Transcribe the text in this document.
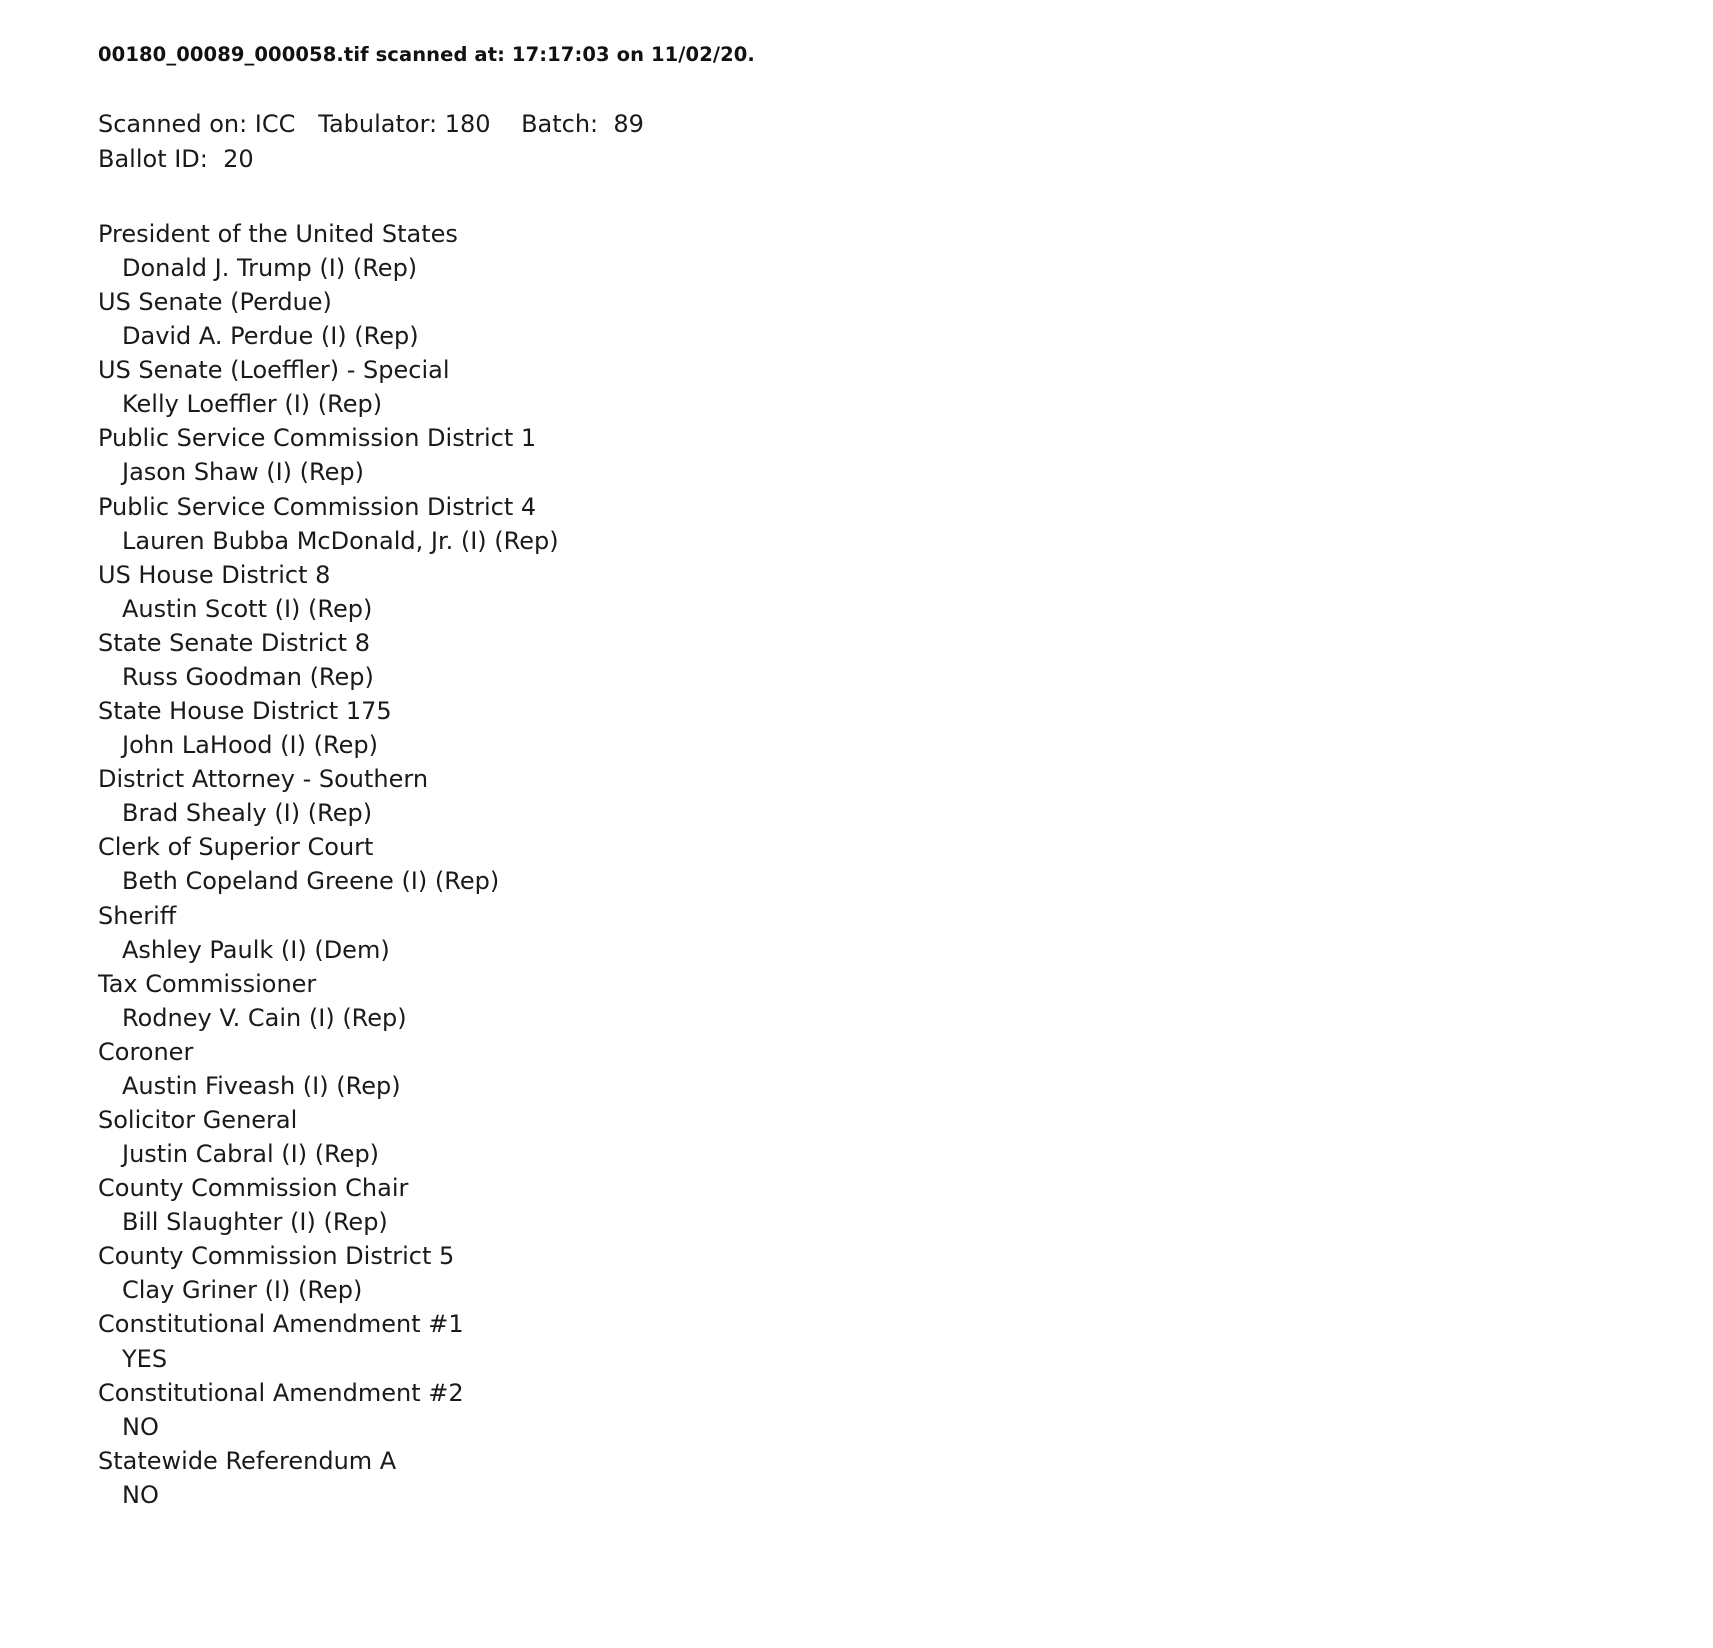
00180_00089_000058.tif scanned at: 17:17:03 on 11/02/20.
Scanned on: ICC   Tabulator: 180    Batch:  89
Ballot ID:  20
President of the United States
Donald J. Trump (I) (Rep)
US Senate (Perdue)
David A. Perdue (I) (Rep)
US Senate (Loeffler) - Special
Kelly Loeffler (I) (Rep)
Public Service Commission District 1
Jason Shaw (I) (Rep)
Public Service Commission District 4
Lauren Bubba McDonald, Jr. (I) (Rep)
US House District 8
Austin Scott (I) (Rep)
State Senate District 8
Russ Goodman (Rep)
State House District 175
John LaHood (I) (Rep)
District Attorney - Southern
Brad Shealy (I) (Rep)
Clerk of Superior Court
Beth Copeland Greene (I) (Rep)
Sheriff
Ashley Paulk (I) (Dem)
Tax Commissioner
Rodney V. Cain (I) (Rep)
Coroner
Austin Fiveash (I) (Rep)
Solicitor General
Justin Cabral (I) (Rep)
County Commission Chair
Bill Slaughter (I) (Rep)
County Commission District 5
Clay Griner (I) (Rep)
Constitutional Amendment #1
YES
Constitutional Amendment #2
NO
Statewide Referendum A
NO
